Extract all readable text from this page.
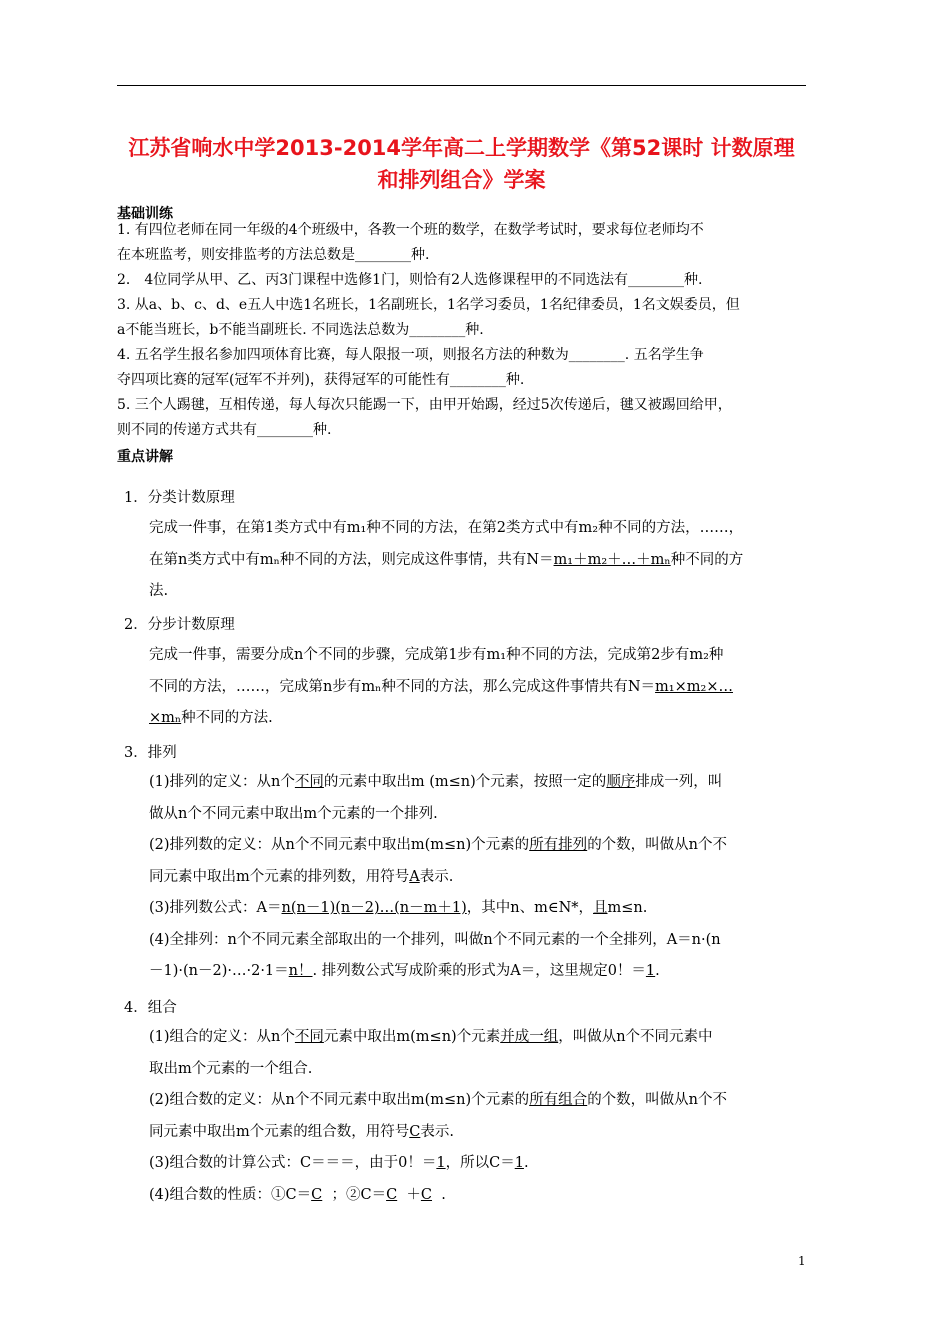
江苏省响水中学2013-2014学年高二上学期数学《第52课时 计数原理
和排列组合》学案
基础训练

1. 有四位老师在同一年级的4个班级中，各教一个班的数学，在数学考试时，要求每位老师均不

在本班监考，则安排监考的方法总数是________种.

2． 4位同学从甲、乙、丙3门课程中选修1门，则恰有2人选修课程甲的不同选法有________种.

3. 从a、b、c、d、e五人中选1名班长，1名副班长，1名学习委员，1名纪律委员，1名文娱委员，但

a不能当班长，b不能当副班长. 不同选法总数为________种.

4. 五名学生报名参加四项体育比赛，每人限报一项，则报名方法的种数为________. 五名学生争

夺四项比赛的冠军(冠军不并列)，获得冠军的可能性有________种.

5. 三个人踢毽，互相传递，每人每次只能踢一下，由甲开始踢，经过5次传递后，毽又被踢回给甲，

则不同的传递方式共有________种.

重点讲解
1．分类计数原理
完成一件事，在第1类方式中有m₁种不同的方法，在第2类方式中有m₂种不同的方法，……，
在第n类方式中有mₙ种不同的方法，则完成这件事情，共有N＝m₁＋m₂＋…＋mₙ种不同的方
法.
2．分步计数原理
完成一件事，需要分成n个不同的步骤，完成第1步有m₁种不同的方法，完成第2步有m₂种
不同的方法，……，完成第n步有mₙ种不同的方法，那么完成这件事情共有N＝m₁×m₂×…
×mₙ种不同的方法.
3．排列
(1)排列的定义：从n个不同的元素中取出m (m≤n)个元素，按照一定的顺序排成一列，叫
做从n个不同元素中取出m个元素的一个排列.
(2)排列数的定义：从n个不同元素中取出m(m≤n)个元素的所有排列的个数，叫做从n个不
同元素中取出m个元素的排列数，用符号A表示.
(3)排列数公式：A＝n(n－1)(n－2)…(n－m＋1)，其中n、m∈N*，且m≤n.
(4)全排列：n个不同元素全部取出的一个排列，叫做n个不同元素的一个全排列，A＝n·(n
－1)·(n－2)·…·2·1＝n！. 排列数公式写成阶乘的形式为A＝，这里规定0！＝1.
4．组合
(1)组合的定义：从n个不同元素中取出m(m≤n)个元素并成一组，叫做从n个不同元素中
取出m个元素的一个组合.
(2)组合数的定义：从n个不同元素中取出m(m≤n)个元素的所有组合的个数，叫做从n个不
同元素中取出m个元素的组合数，用符号C表示.
(3)组合数的计算公式：C＝＝＝，由于0！＝1，所以C＝1.
(4)组合数的性质：①C＝C ；②C＝C ＋C .
1
